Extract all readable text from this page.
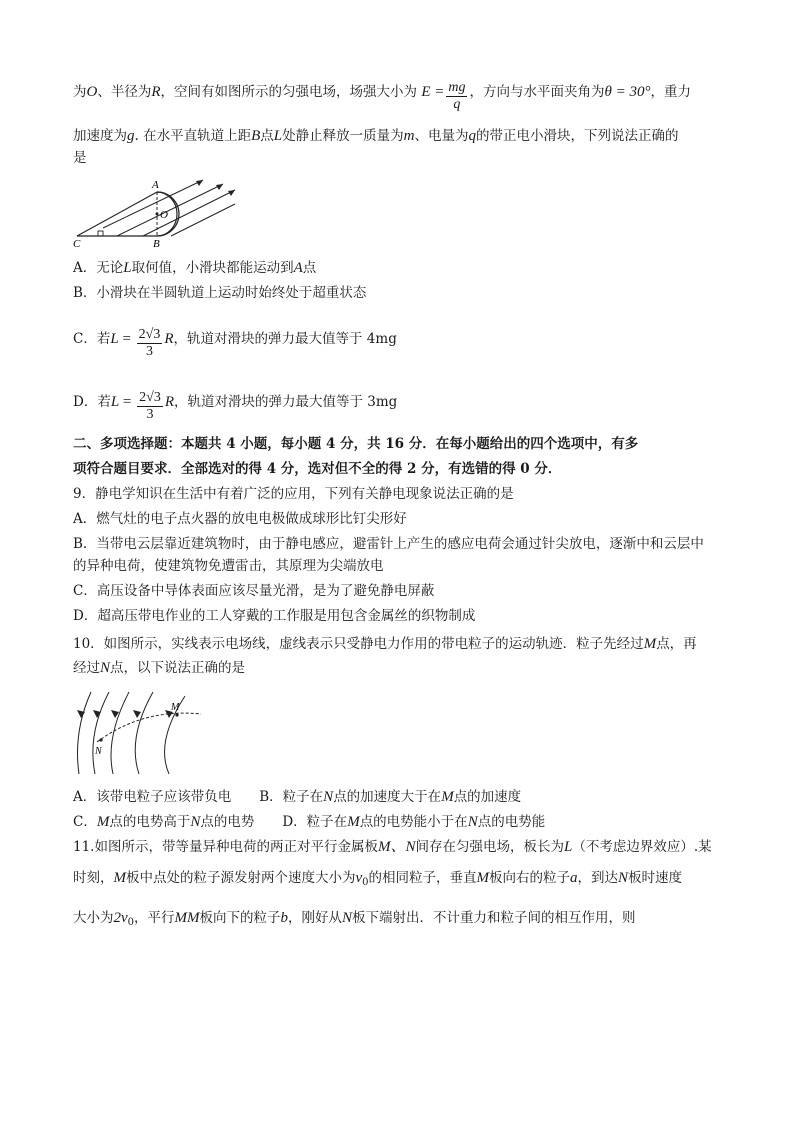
为O、半径为R，空间有如图所示的匀强电场，场强大小为 $E = \frac{mg}{q}$ ，方向与水平面夹角为θ = 30°，重力
加速度为g. 在水平直轨道上距B点L处静止释放一质量为m、电量为q的带正电小滑块，下列说法正确的
是
A
O
B
C
A．无论L取何值，小滑块都能运动到A点
B．小滑块在半圆轨道上运动时始终处于超重状态
C．若$L = \frac{2√3}{3}$ R，轨道对滑块的弹力最大值等于 4mg
D．若$L = \frac{2√3}{3}$ R，轨道对滑块的弹力最大值等于 3mg
二、多项选择题：本题共 4 小题，每小题 4 分，共 16 分．在每小题给出的四个选项中，有多
项符合题目要求．全部选对的得 4 分，选对但不全的得 2 分，有选错的得 0 分．
9．静电学知识在生活中有着广泛的应用，下列有关静电现象说法正确的是
A．燃气灶的电子点火器的放电电极做成球形比钉尖形好
B．当带电云层靠近建筑物时，由于静电感应，避雷针上产生的感应电荷会通过针尖放电，逐渐中和云层中
的异种电荷，使建筑物免遭雷击，其原理为尖端放电
C．高压设备中导体表面应该尽量光滑，是为了避免静电屏蔽
D．超高压带电作业的工人穿戴的工作服是用包含金属丝的织物制成
10．如图所示，实线表示电场线，虚线表示只受静电力作用的带电粒子的运动轨迹．粒子先经过M点，再
经过N点，以下说法正确的是
M
N
A．该带电粒子应该带负电 B．粒子在N点的加速度大于在M点的加速度
C．M点的电势高于N点的电势 D．粒子在M点的电势能小于在N点的电势能
11.如图所示，带等量异种电荷的两正对平行金属板M、N间存在匀强电场，板长为L（不考虑边界效应）.某
时刻，M板中点处的粒子源发射两个速度大小为$v_0$的相同粒子，垂直M板向右的粒子a，到达N板时速度
大小为$2v_0$，平行MM板向下的粒子b，刚好从N板下端射出．不计重力和粒子间的相互作用，则
